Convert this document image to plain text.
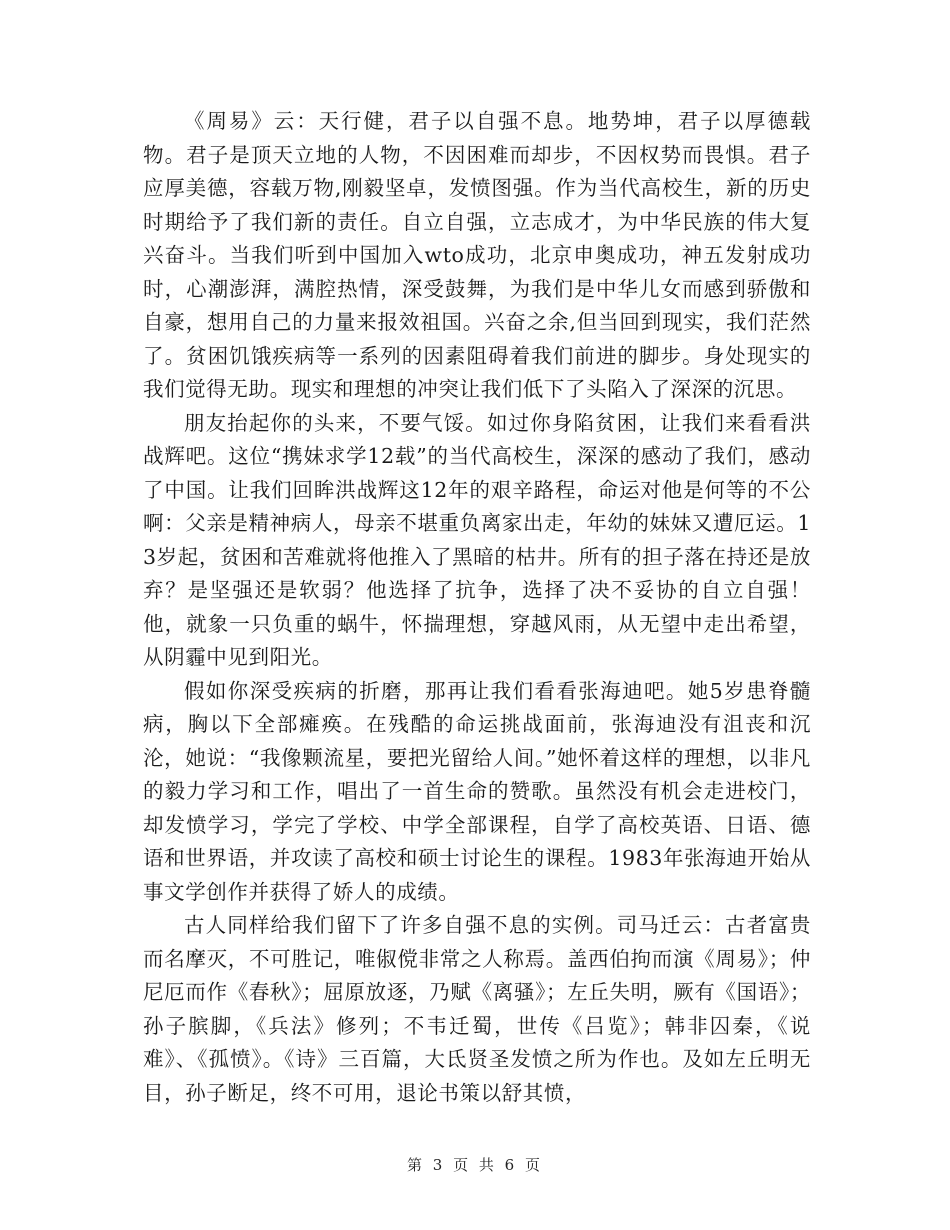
《周易》云：天行健，君子以自强不息。地势坤，君子以厚德载物。君子是顶天立地的人物，不因困难而却步，不因权势而畏惧。君子应厚美德，容载万物,刚毅坚卓，发愤图强。作为当代高校生，新的历史时期给予了我们新的责任。自立自强，立志成才，为中华民族的伟大复兴奋斗。当我们听到中国加入wto成功，北京申奥成功，神五发射成功时，心潮澎湃，满腔热情，深受鼓舞，为我们是中华儿女而感到骄傲和自豪，想用自己的力量来报效祖国。兴奋之余,但当回到现实，我们茫然了。贫困饥饿疾病等一系列的因素阻碍着我们前进的脚步。身处现实的我们觉得无助。现实和理想的冲突让我们低下了头陷入了深深的沉思。

朋友抬起你的头来，不要气馁。如过你身陷贫困，让我们来看看洪战辉吧。这位“携妹求学12载”的当代高校生，深深的感动了我们，感动了中国。让我们回眸洪战辉这12年的艰辛路程，命运对他是何等的不公啊：父亲是精神病人，母亲不堪重负离家出走，年幼的妹妹又遭厄运。13岁起，贫困和苦难就将他推入了黑暗的枯井。所有的担子落在持还是放弃？是坚强还是软弱？他选择了抗争，选择了决不妥协的自立自强！他，就象一只负重的蜗牛，怀揣理想，穿越风雨，从无望中走出希望，从阴霾中见到阳光。

假如你深受疾病的折磨，那再让我们看看张海迪吧。她5岁患脊髓病，胸以下全部瘫痪。在残酷的命运挑战面前，张海迪没有沮丧和沉沦，她说：“我像颗流星，要把光留给人间。”她怀着这样的理想，以非凡的毅力学习和工作，唱出了一首生命的赞歌。虽然没有机会走进校门，却发愤学习，学完了学校、中学全部课程，自学了高校英语、日语、德语和世界语，并攻读了高校和硕士讨论生的课程。1983年张海迪开始从事文学创作并获得了娇人的成绩。

古人同样给我们留下了许多自强不息的实例。司马迁云：古者富贵而名摩灭，不可胜记，唯俶傥非常之人称焉。盖西伯拘而演《周易》；仲尼厄而作《春秋》；屈原放逐，乃赋《离骚》；左丘失明，厥有《国语》；孙子膑脚，《兵法》修列；不韦迁蜀，世传《吕览》；韩非囚秦，《说难》、《孤愤》。《诗》三百篇，大氐贤圣发愤之所为作也。及如左丘明无目，孙子断足，终不可用，退论书策以舒其愤，

第 3 页 共 6 页
